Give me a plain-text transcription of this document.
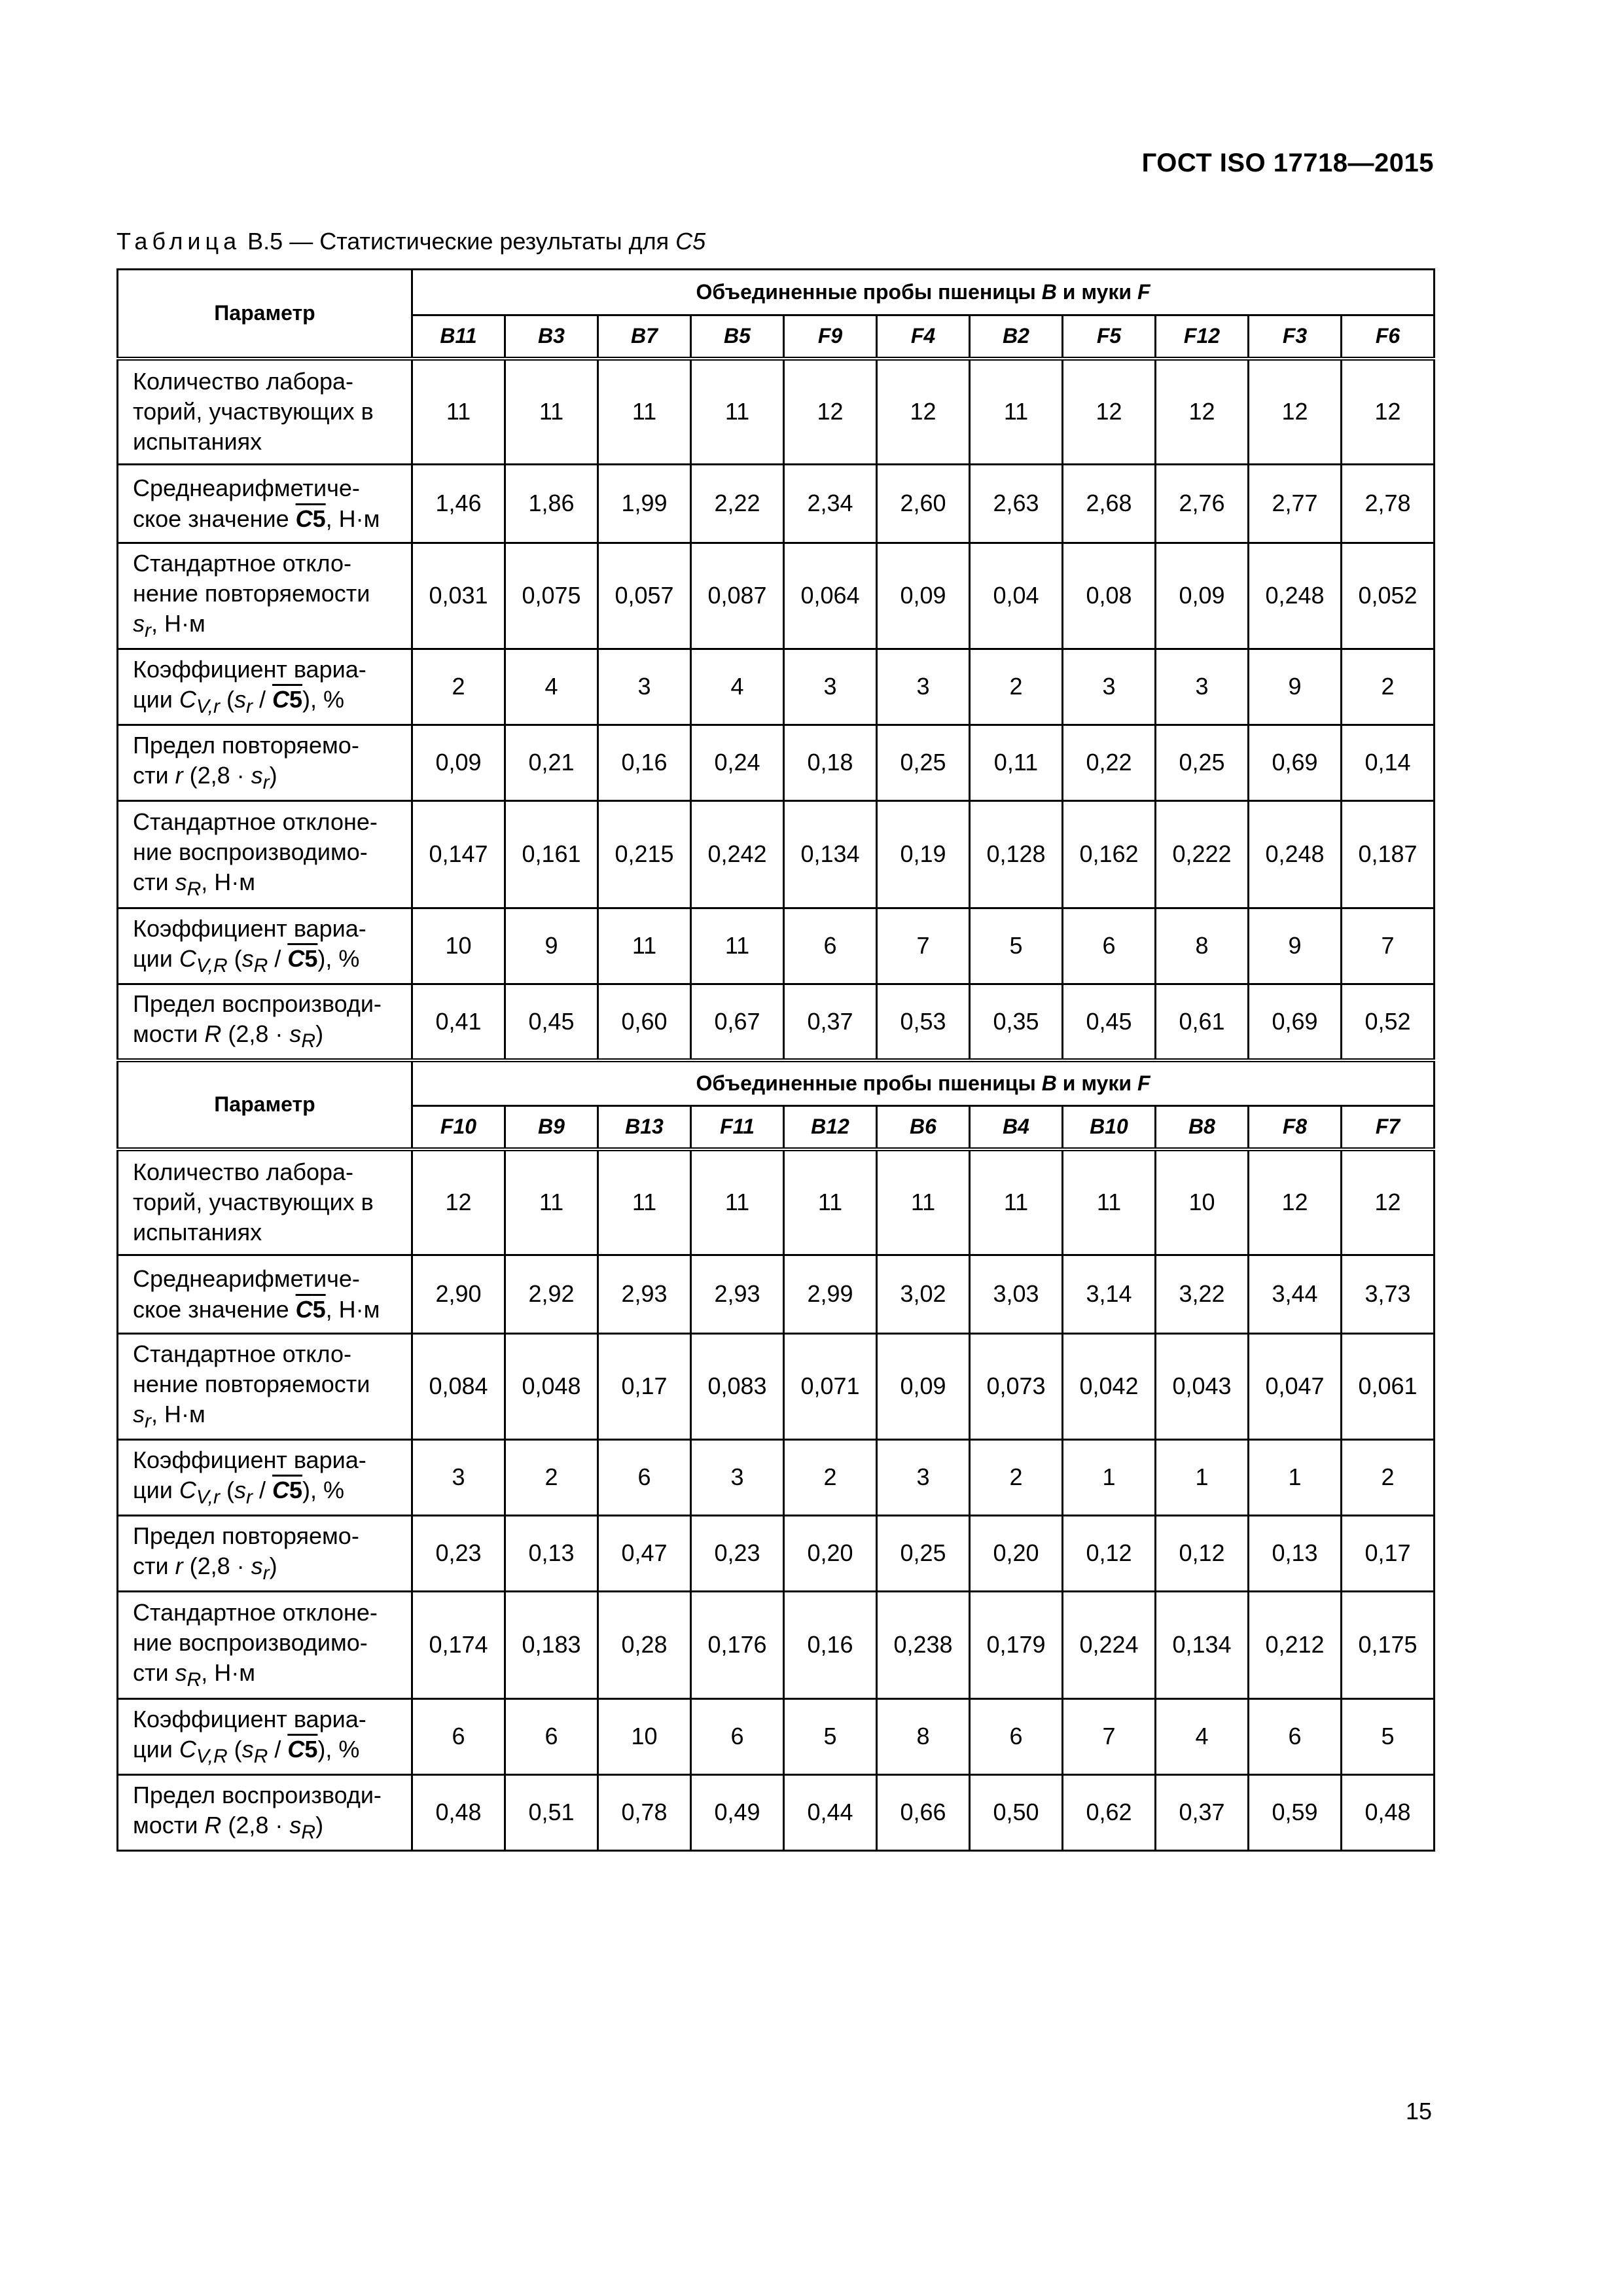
ГОСТ ISO 17718—2015
Таблица В.5 — Статистические результаты для C5
Параметр	Объединенные пробы пшеницы B и муки F										
	B11	B3	B7	B5	F9	F4	B2	F5	F12	F3	F6
Количество лабора-
торий, участвующих в
испытаниях	11	11	11	11	12	12	11	12	12	12	12
Среднеарифметиче-
ское значение C5, Н·м	1,46	1,86	1,99	2,22	2,34	2,60	2,63	2,68	2,76	2,77	2,78
Стандартное откло-
нение повторяемости
$s_r$, Н·м	0,031	0,075	0,057	0,087	0,064	0,09	0,04	0,08	0,09	0,248	0,052
Коэффициент вариа-
ции $C_{V,r}$ $(s_r / C5)$, %	2	4	3	4	3	3	2	3	3	9	2
Предел повторяемо-
сти r $(2,8 \cdot s_r)$	0,09	0,21	0,16	0,24	0,18	0,25	0,11	0,22	0,25	0,69	0,14
Стандартное отклоне-
ние воспроизводимо-
сти $s_R$, Н·м	0,147	0,161	0,215	0,242	0,134	0,19	0,128	0,162	0,222	0,248	0,187
Коэффициент вариа-
ции $C_{V,R}$ $(s_R / C5)$, %	10	9	11	11	6	7	5	6	8	9	7
Предел воспроизводи-
мости R $(2,8 \cdot s_R)$	0,41	0,45	0,60	0,67	0,37	0,53	0,35	0,45	0,61	0,69	0,52
Параметр	Объединенные пробы пшеницы B и муки F										
	F10	B9	B13	F11	B12	B6	B4	B10	B8	F8	F7
Количество лабора-
торий, участвующих в
испытаниях	12	11	11	11	11	11	11	11	10	12	12
Среднеарифметиче-
ское значение C5, Н·м	2,90	2,92	2,93	2,93	2,99	3,02	3,03	3,14	3,22	3,44	3,73
Стандартное откло-
нение повторяемости
$s_r$, Н·м	0,084	0,048	0,17	0,083	0,071	0,09	0,073	0,042	0,043	0,047	0,061
Коэффициент вариа-
ции $C_{V,r}$ $(s_r / C5)$, %	3	2	6	3	2	3	2	1	1	1	2
Предел повторяемо-
сти r $(2,8 \cdot s_r)$	0,23	0,13	0,47	0,23	0,20	0,25	0,20	0,12	0,12	0,13	0,17
Стандартное отклоне-
ние воспроизводимо-
сти $s_R$, Н·м	0,174	0,183	0,28	0,176	0,16	0,238	0,179	0,224	0,134	0,212	0,175
Коэффициент вариа-
ции $C_{V,R}$ $(s_R / C5)$, %	6	6	10	6	5	8	6	7	4	6	5
Предел воспроизводи-
мости R $(2,8 \cdot s_R)$	0,48	0,51	0,78	0,49	0,44	0,66	0,50	0,62	0,37	0,59	0,48
15
